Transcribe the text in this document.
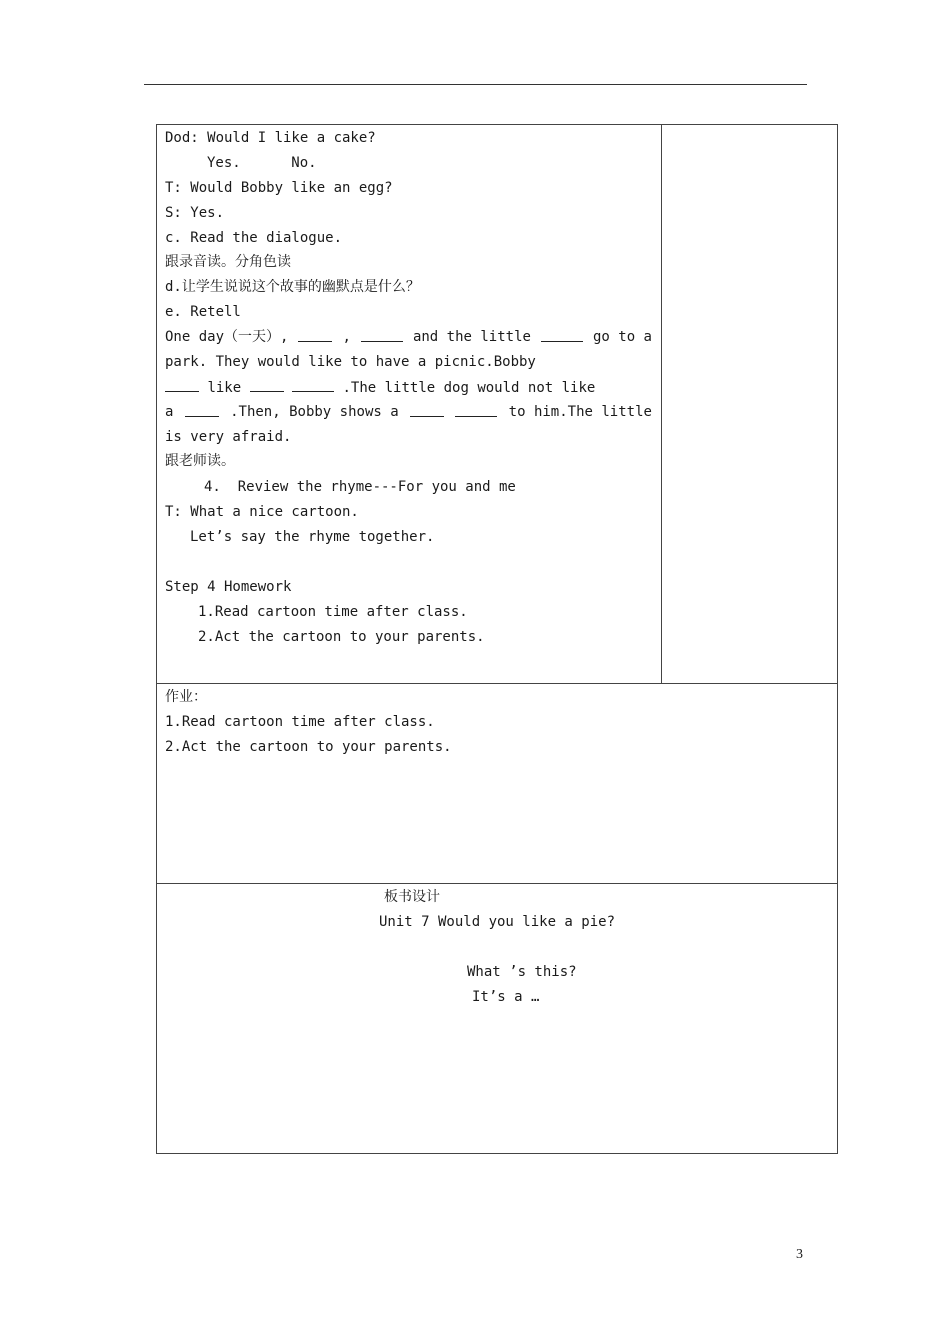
Dod: Would I like a cake?
Yes.      No.
T: Would Bobby like an egg?
S: Yes.
c. Read the dialogue.
跟录音读。分角色读
d.让学生说说这个故事的幽默点是什么？
e. Retell
One day（一天）,	,	and the little	go to a
park. They would like to have a picnic.Bobby
like	.The little dog would not like
a	.Then, Bobby shows a	to him.The little
is very afraid.
跟老师读。
4.  Review the rhyme---For you and me
T: What a nice cartoon.
Let’s say the rhyme together.
Step 4 Homework
1.Read cartoon time after class.
2.Act the cartoon to your parents.
作业：
1.Read cartoon time after class.
2.Act the cartoon to your parents.
板书设计
Unit 7 Would you like a pie?
What ’s this?
It’s a …
3
